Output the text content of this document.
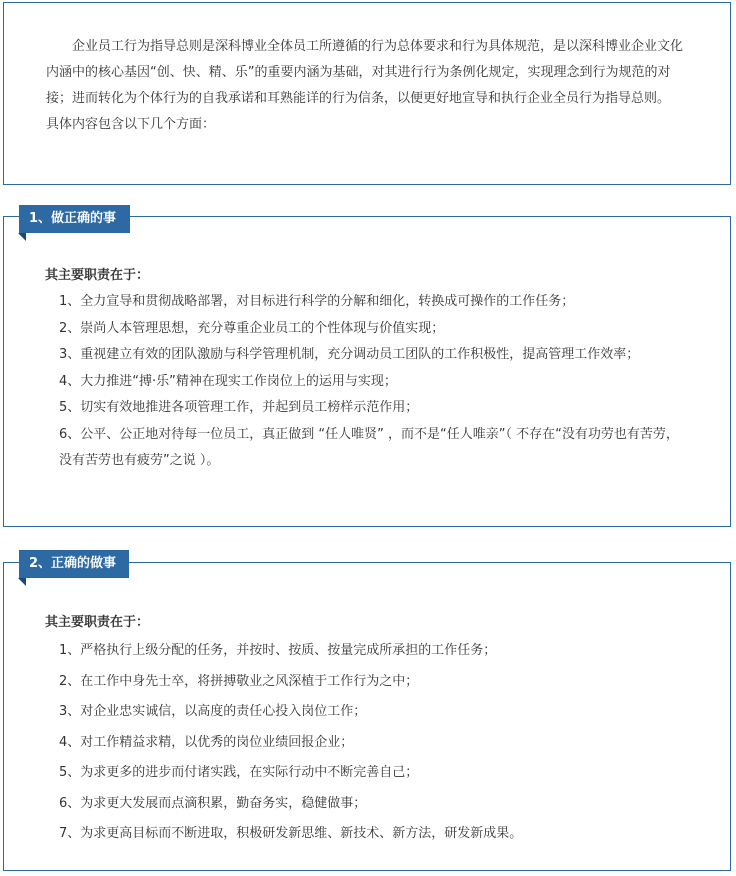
企业员工行为指导总则是深科博业全体员工所遵循的行为总体要求和行为具体规范，是以深科博业企业文化内涵中的核心基因“创、快、精、乐”的重要内涵为基础，对其进行行为条例化规定，实现理念到行为规范的对接；进而转化为个体行为的自我承诺和耳熟能详的行为信条，以便更好地宣导和执行企业全员行为指导总则。

具体内容包含以下几个方面：

1、做正确的事
其主要职责在于：
1、全力宣导和贯彻战略部署，对目标进行科学的分解和细化，转换成可操作的工作任务；
2、崇尚人本管理思想，充分尊重企业员工的个性体现与价值实现；
3、重视建立有效的团队激励与科学管理机制，充分调动员工团队的工作积极性，提高管理工作效率；
4、大力推进“搏·乐”精神在现实工作岗位上的运用与实现；
5、切实有效地推进各项管理工作，并起到员工榜样示范作用；
6、公平、公正地对待每一位员工，真正做到 “任人唯贤” ，而不是“任人唯亲”（ 不存在“没有功劳也有苦劳，没有苦劳也有疲劳”之说 ）。
2、正确的做事
其主要职责在于：
1、严格执行上级分配的任务，并按时、按质、按量完成所承担的工作任务；
2、在工作中身先士卒，将拼搏敬业之风深植于工作行为之中；
3、对企业忠实诚信，以高度的责任心投入岗位工作；
4、对工作精益求精，以优秀的岗位业绩回报企业；
5、为求更多的进步而付诸实践，在实际行动中不断完善自己；
6、为求更大发展而点滴积累，勤奋务实，稳健做事；
7、为求更高目标而不断进取，积极研发新思维、新技术、新方法，研发新成果。
